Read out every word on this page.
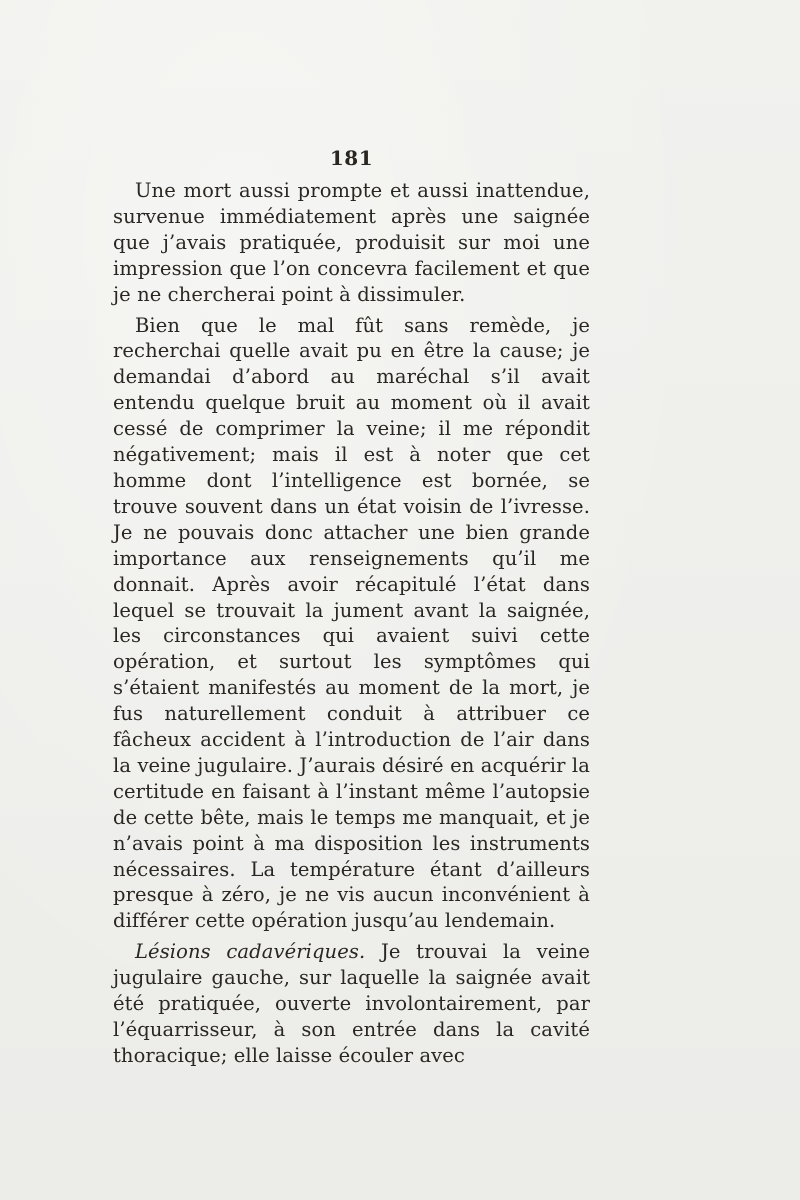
181

Une mort aussi prompte et aussi inattendue, survenue immédiatement après une saignée que j’avais pratiquée, produisit sur moi une impression que l’on concevra facilement et que je ne chercherai point à dissimuler.

Bien que le mal fût sans remède, je recherchai quelle avait pu en être la cause; je demandai d’abord au maréchal s’il avait entendu quelque bruit au moment où il avait cessé de comprimer la veine; il me répondit négativement; mais il est à noter que cet homme dont l’intelligence est bornée, se trouve souvent dans un état voisin de l’ivresse. Je ne pouvais donc attacher une bien grande importance aux renseignements qu’il me donnait. Après avoir récapitulé l’état dans lequel se trouvait la jument avant la saignée, les circonstances qui avaient suivi cette opération, et surtout les symptômes qui s’étaient manifestés au moment de la mort, je fus naturellement conduit à attribuer ce fâcheux accident à l’introduction de l’air dans la veine jugulaire. J’aurais désiré en acquérir la certitude en faisant à l’instant même l’autopsie de cette bête, mais le temps me manquait, et je n’avais point à ma disposition les instruments nécessaires. La température étant d’ailleurs presque à zéro, je ne vis aucun inconvénient à différer cette opération jusqu’au lendemain.

Lésions cadavériques. Je trouvai la veine jugulaire gauche, sur laquelle la saignée avait été pratiquée, ouverte involontairement, par l’équarrisseur, à son entrée dans la cavité thoracique; elle laisse écouler avec
